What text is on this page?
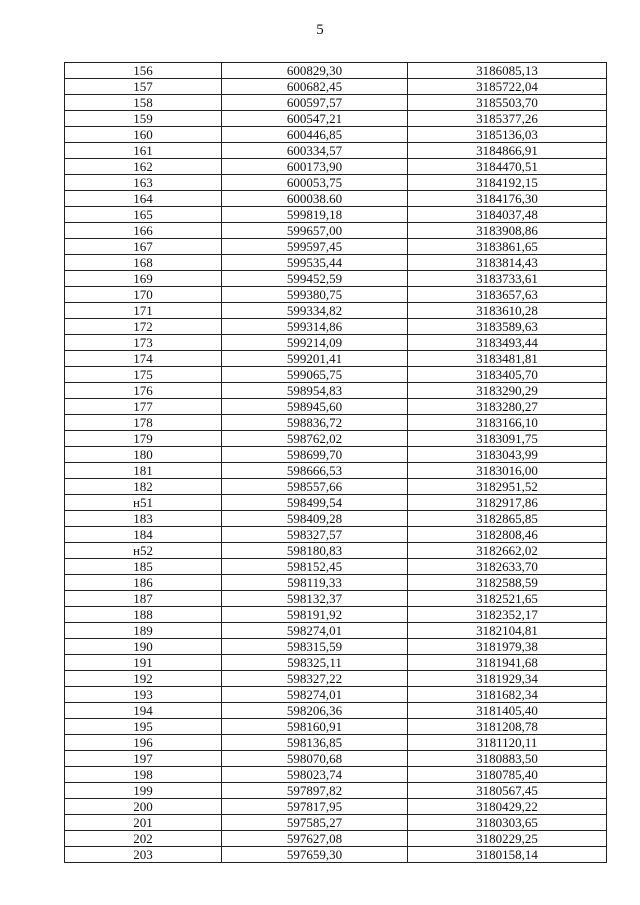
5
156	600829,30	3186085,13
157	600682,45	3185722,04
158	600597,57	3185503,70
159	600547,21	3185377,26
160	600446,85	3185136,03
161	600334,57	3184866,91
162	600173,90	3184470,51
163	600053,75	3184192,15
164	600038.60	3184176,30
165	599819,18	3184037,48
166	599657,00	3183908,86
167	599597,45	3183861,65
168	599535,44	3183814,43
169	599452,59	3183733,61
170	599380,75	3183657,63
171	599334,82	3183610,28
172	599314,86	3183589,63
173	599214,09	3183493,44
174	599201,41	3183481,81
175	599065,75	3183405,70
176	598954,83	3183290,29
177	598945,60	3183280,27
178	598836,72	3183166,10
179	598762,02	3183091,75
180	598699,70	3183043,99
181	598666,53	3183016,00
182	598557,66	3182951,52
н51	598499,54	3182917,86
183	598409,28	3182865,85
184	598327,57	3182808,46
н52	598180,83	3182662,02
185	598152,45	3182633,70
186	598119,33	3182588,59
187	598132,37	3182521,65
188	598191,92	3182352,17
189	598274,01	3182104,81
190	598315,59	3181979,38
191	598325,11	3181941,68
192	598327,22	3181929,34
193	598274,01	3181682,34
194	598206,36	3181405,40
195	598160,91	3181208,78
196	598136,85	3181120,11
197	598070,68	3180883,50
198	598023,74	3180785,40
199	597897,82	3180567,45
200	597817,95	3180429,22
201	597585,27	3180303,65
202	597627,08	3180229,25
203	597659,30	3180158,14
